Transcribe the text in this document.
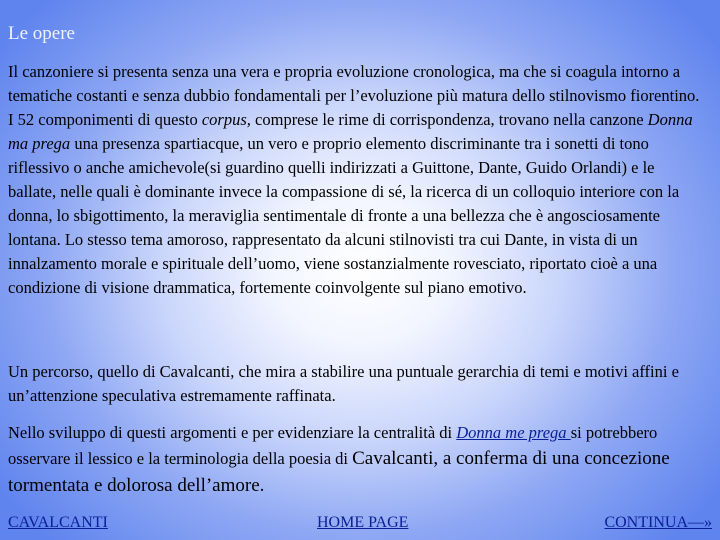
Le opere

Il canzoniere si presenta senza una vera e propria evoluzione cronologica, ma che si coagula intorno a tematiche costanti e senza dubbio fondamentali per l’evoluzione più matura dello stilnovismo fiorentino. I 52 componimenti di questo corpus, comprese le rime di corrispondenza, trovano nella canzone Donna ma prega una presenza spartiacque, un vero e proprio elemento discriminante tra i sonetti di tono riflessivo o anche amichevole(si guardino quelli indirizzati a Guittone, Dante, Guido Orlandi) e le ballate, nelle quali è dominante invece la compassione di sé, la ricerca di un colloquio interiore con la donna, lo sbigottimento, la meraviglia sentimentale di fronte a una bellezza che è angosciosamente lontana. Lo stesso tema amoroso, rappresentato da alcuni stilnovisti tra cui Dante, in vista di un innalzamento morale e spirituale dell’uomo, viene sostanzialmente rovesciato, riportato cioè a una condizione di visione drammatica, fortemente coinvolgente sul piano emotivo.

Un percorso, quello di Cavalcanti, che mira a stabilire una puntuale gerarchia di temi e motivi affini e un’attenzione speculativa estremamente raffinata.

Nello sviluppo di questi argomenti e per evidenziare la centralità di Donna me prega si potrebbero osservare il lessico e la terminologia della poesia di Cavalcanti, a conferma di una concezione tormentata e dolorosa dell’amore.

CAVALCANTI	HOME PAGE	CONTINUA—»
